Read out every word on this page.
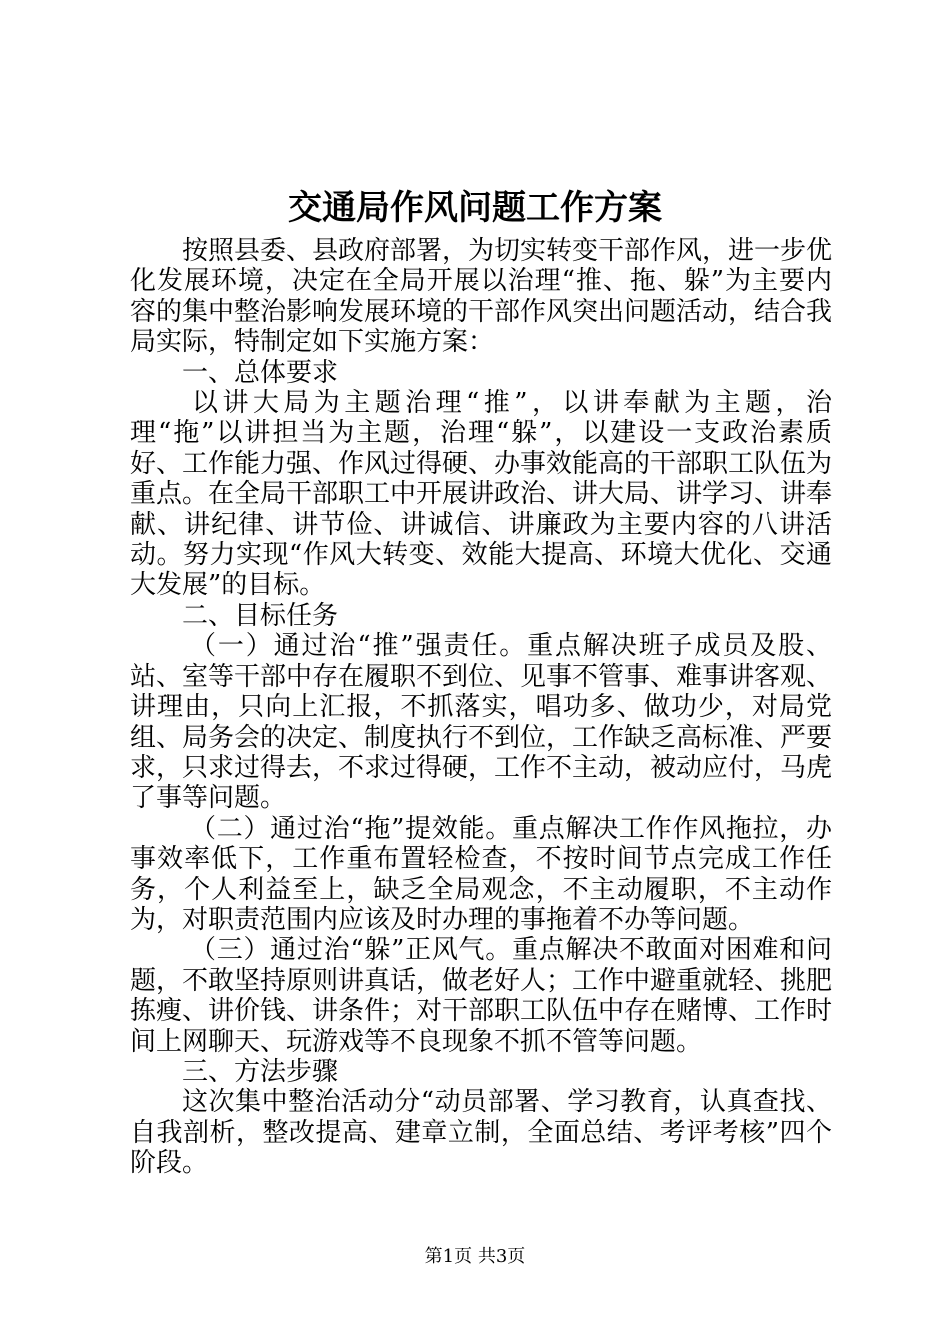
交通局作风问题工作方案

按照县委、县政府部署，为切实转变干部作风，进一步优化发展环境，决定在全局开展以治理“推、拖、躲”为主要内容的集中整治影响发展环境的干部作风突出问题活动，结合我局实际，特制定如下实施方案：

一、总体要求

以讲大局为主题治理“推”，以讲奉献为主题，治理“拖”以讲担当为主题，治理“躲”，以建设一支政治素质好、工作能力强、作风过得硬、办事效能高的干部职工队伍为重点。在全局干部职工中开展讲政治、讲大局、讲学习、讲奉献、讲纪律、讲节俭、讲诚信、讲廉政为主要内容的八讲活动。努力实现“作风大转变、效能大提高、环境大优化、交通大发展”的目标。

二、目标任务

（一）通过治“推”强责任。重点解决班子成员及股、站、室等干部中存在履职不到位、见事不管事、难事讲客观、讲理由，只向上汇报，不抓落实，唱功多、做功少，对局党组、局务会的决定、制度执行不到位，工作缺乏高标准、严要求，只求过得去，不求过得硬，工作不主动，被动应付，马虎了事等问题。

（二）通过治“拖”提效能。重点解决工作作风拖拉，办事效率低下，工作重布置轻检查，不按时间节点完成工作任务，个人利益至上，缺乏全局观念，不主动履职，不主动作为，对职责范围内应该及时办理的事拖着不办等问题。

（三）通过治“躲”正风气。重点解决不敢面对困难和问题，不敢坚持原则讲真话，做老好人；工作中避重就轻、挑肥拣瘦、讲价钱、讲条件；对干部职工队伍中存在赌博、工作时间上网聊天、玩游戏等不良现象不抓不管等问题。

三、方法步骤

这次集中整治活动分“动员部署、学习教育，认真查找、自我剖析，整改提高、建章立制，全面总结、考评考核”四个阶段。

第1页 共3页
